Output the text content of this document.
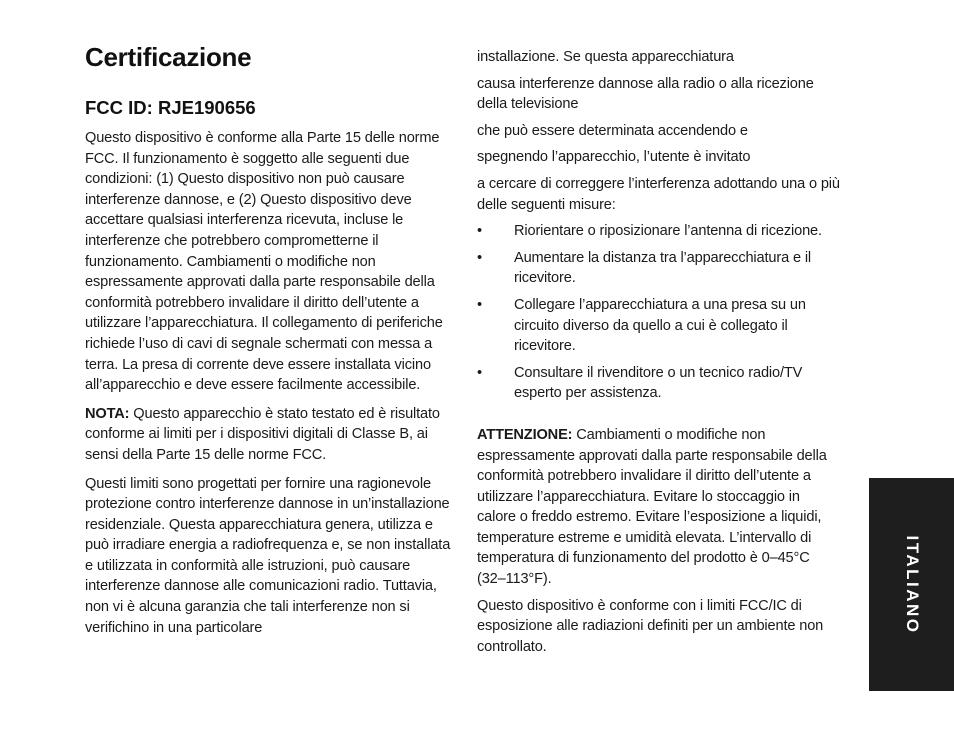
Certificazione
FCC ID: RJE190656

Questo dispositivo è conforme alla Parte 15 delle norme FCC. Il funzionamento è soggetto alle seguenti due condizioni: (1) Questo dispositivo non può causare interferenze dannose, e (2) Questo dispositivo deve accettare qualsiasi interferenza ricevuta, incluse le interferenze che potrebbero comprometterne il funzionamento. Cambiamenti o modifiche non espressamente approvati dalla parte responsabile della conformità potrebbero invalidare il diritto dell’utente a utilizzare l’apparecchiatura. Il collegamento di periferiche richiede l’uso di cavi di segnale schermati con messa a terra. La presa di corrente deve essere installata vicino all’apparecchio e deve essere facilmente accessibile.

NOTA: Questo apparecchio è stato testato ed è risultato conforme ai limiti per i dispositivi digitali di Classe B, ai sensi della Parte 15 delle norme FCC.

Questi limiti sono progettati per fornire una ragionevole protezione contro interferenze dannose in un’installazione residenziale. Questa apparecchiatura genera, utilizza e può irradiare energia a radiofrequenza e, se non installata e utilizzata in conformità alle istruzioni, può causare interferenze dannose alle comunicazioni radio. Tuttavia, non vi è alcuna garanzia che tali interferenze non si verifichino in una particolare

installazione. Se questa apparecchiatura

causa interferenze dannose alla radio o alla ricezione della televisione

che può essere determinata accendendo e

spegnendo l’apparecchio, l’utente è invitato

a cercare di correggere l’interferenza adottando una o più delle seguenti misure:

•	Riorientare o riposizionare l’antenna di ricezione.
•	Aumentare la distanza tra l’apparecchiatura e il ricevitore.
•	Collegare l’apparecchiatura a una presa su un circuito diverso da quello a cui è collegato il ricevitore.
•	Consultare il rivenditore o un tecnico radio/TV esperto per assistenza.

ATTENZIONE: Cambiamenti o modifiche non espressamente approvati dalla parte responsabile della conformità potrebbero invalidare il diritto dell’utente a utilizzare l’apparecchiatura. Evitare lo stoccaggio in calore o freddo estremo. Evitare l’esposizione a liquidi, temperature estreme e umidità elevata. L’intervallo di temperatura di funzionamento del prodotto è 0–45°C (32–113°F).

Questo dispositivo è conforme con i limiti FCC/IC di esposizione alle radiazioni definiti per un ambiente non controllato.

ITALIANO
